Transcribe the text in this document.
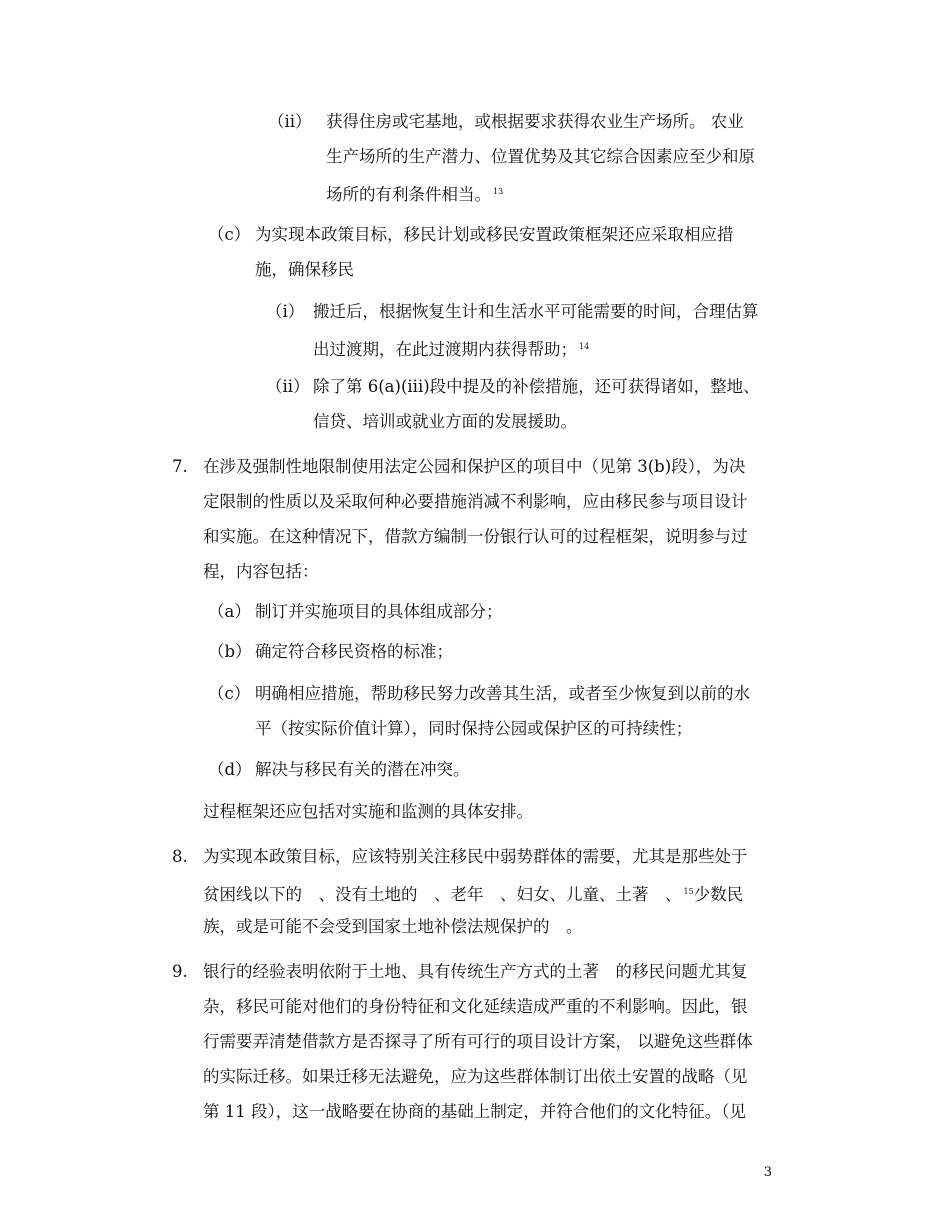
（ii） 获得住房或宅基地，或根据要求获得农业生产场所。 农业
生产场所的生产潜力、位置优势及其它综合因素应至少和原
场所的有利条件相当。 $^{13}$
（c） 为实现本政策目标，移民计划或移民安置政策框架还应采取相应措
施，确保移民
（i） 搬迁后，根据恢复生计和生活水平可能需要的时间，合理估算
出过渡期，在此过渡期内获得帮助； $^{14}$
（ii） 除了第 6(a)(iii)段中提及的补偿措施，还可获得诸如，整地、
信贷、培训或就业方面的发展援助。
7. 在涉及强制性地限制使用法定公园和保护区的项目中（见第 3(b)段），为决
定限制的性质以及采取何种必要措施消减不利影响，应由移民参与项目设计
和实施。在这种情况下，借款方编制一份银行认可的过程框架，说明参与过
程，内容包括：
（a） 制订并实施项目的具体组成部分；
（b） 确定符合移民资格的标准；
（c） 明确相应措施，帮助移民努力改善其生活，或者至少恢复到以前的水
平（按实际价值计算），同时保持公园或保护区的可持续性；
（d） 解决与移民有关的潜在冲突。
过程框架还应包括对实施和监测的具体安排。
8. 为实现本政策目标，应该特别关注移民中弱势群体的需要，尤其是那些处于
贫困线以下的　、没有土地的　、老年　、妇女、儿童、土著　、 $^{15}$少数民
族，或是可能不会受到国家土地补偿法规保护的　。
9. 银行的经验表明依附于土地、具有传统生产方式的土著　的移民问题尤其复
杂，移民可能对他们的身份特征和文化延续造成严重的不利影响。因此，银
行需要弄清楚借款方是否探寻了所有可行的项目设计方案， 以避免这些群体
的实际迁移。如果迁移无法避免，应为这些群体制订出依土安置的战略（见
第 11 段），这一战略要在协商的基础上制定，并符合他们的文化特征。（见
3
